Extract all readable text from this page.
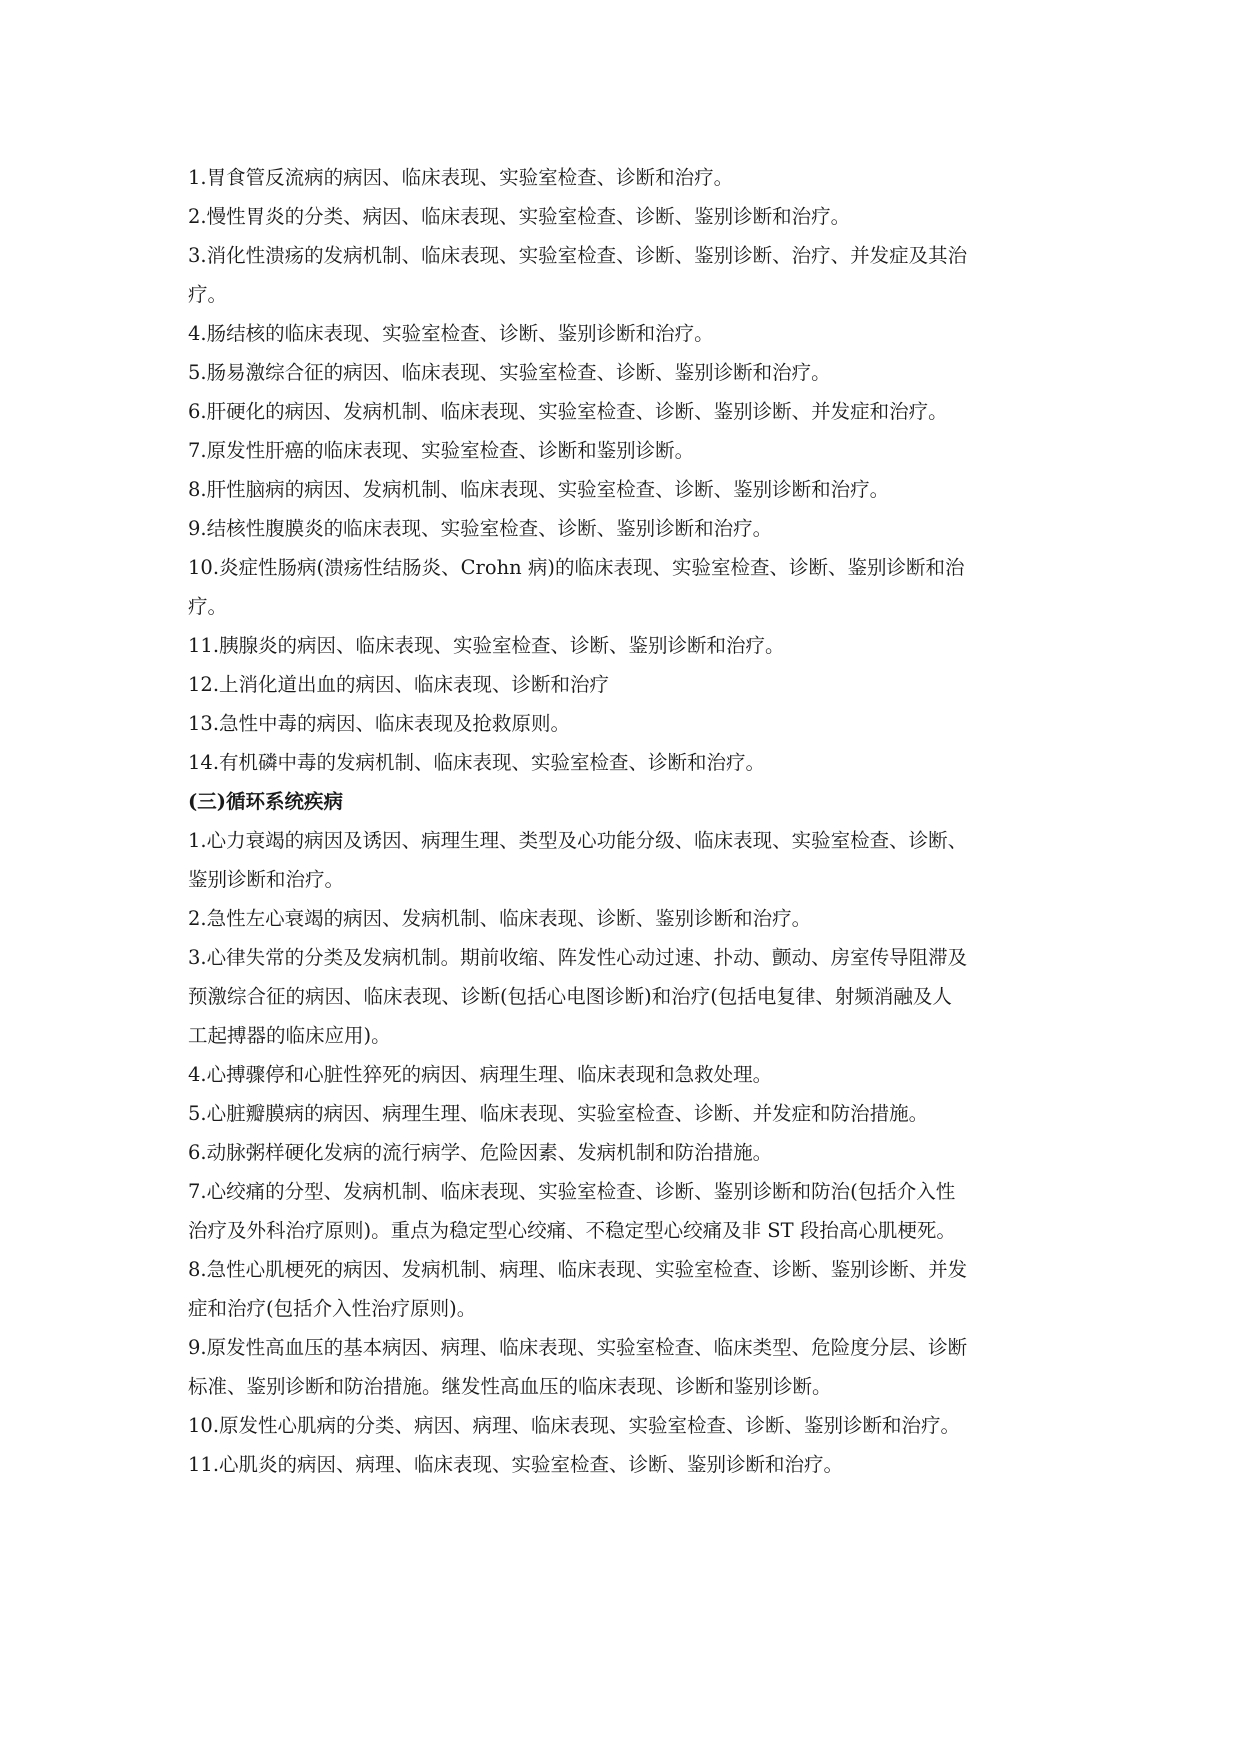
1.胃食管反流病的病因、临床表现、实验室检查、诊断和治疗。
2.慢性胃炎的分类、病因、临床表现、实验室检查、诊断、鉴别诊断和治疗。
3.消化性溃疡的发病机制、临床表现、实验室检查、诊断、鉴别诊断、治疗、并发症及其治
疗。
4.肠结核的临床表现、实验室检查、诊断、鉴别诊断和治疗。
5.肠易激综合征的病因、临床表现、实验室检查、诊断、鉴别诊断和治疗。
6.肝硬化的病因、发病机制、临床表现、实验室检查、诊断、鉴别诊断、并发症和治疗。
7.原发性肝癌的临床表现、实验室检查、诊断和鉴别诊断。
8.肝性脑病的病因、发病机制、临床表现、实验室检查、诊断、鉴别诊断和治疗。
9.结核性腹膜炎的临床表现、实验室检查、诊断、鉴别诊断和治疗。
10.炎症性肠病(溃疡性结肠炎、Crohn 病)的临床表现、实验室检查、诊断、鉴别诊断和治
疗。
11.胰腺炎的病因、临床表现、实验室检查、诊断、鉴别诊断和治疗。
12.上消化道出血的病因、临床表现、诊断和治疗
13.急性中毒的病因、临床表现及抢救原则。
14.有机磷中毒的发病机制、临床表现、实验室检查、诊断和治疗。
(三)循环系统疾病
1.心力衰竭的病因及诱因、病理生理、类型及心功能分级、临床表现、实验室检查、诊断、
鉴别诊断和治疗。
2.急性左心衰竭的病因、发病机制、临床表现、诊断、鉴别诊断和治疗。
3.心律失常的分类及发病机制。期前收缩、阵发性心动过速、扑动、颤动、房室传导阻滞及
预激综合征的病因、临床表现、诊断(包括心电图诊断)和治疗(包括电复律、射频消融及人
工起搏器的临床应用)。
4.心搏骤停和心脏性猝死的病因、病理生理、临床表现和急救处理。
5.心脏瓣膜病的病因、病理生理、临床表现、实验室检查、诊断、并发症和防治措施。
6.动脉粥样硬化发病的流行病学、危险因素、发病机制和防治措施。
7.心绞痛的分型、发病机制、临床表现、实验室检查、诊断、鉴别诊断和防治(包括介入性
治疗及外科治疗原则)。重点为稳定型心绞痛、不稳定型心绞痛及非 ST 段抬高心肌梗死。
8.急性心肌梗死的病因、发病机制、病理、临床表现、实验室检查、诊断、鉴别诊断、并发
症和治疗(包括介入性治疗原则)。
9.原发性高血压的基本病因、病理、临床表现、实验室检查、临床类型、危险度分层、诊断
标准、鉴别诊断和防治措施。继发性高血压的临床表现、诊断和鉴别诊断。
10.原发性心肌病的分类、病因、病理、临床表现、实验室检查、诊断、鉴别诊断和治疗。
11.心肌炎的病因、病理、临床表现、实验室检查、诊断、鉴别诊断和治疗。
